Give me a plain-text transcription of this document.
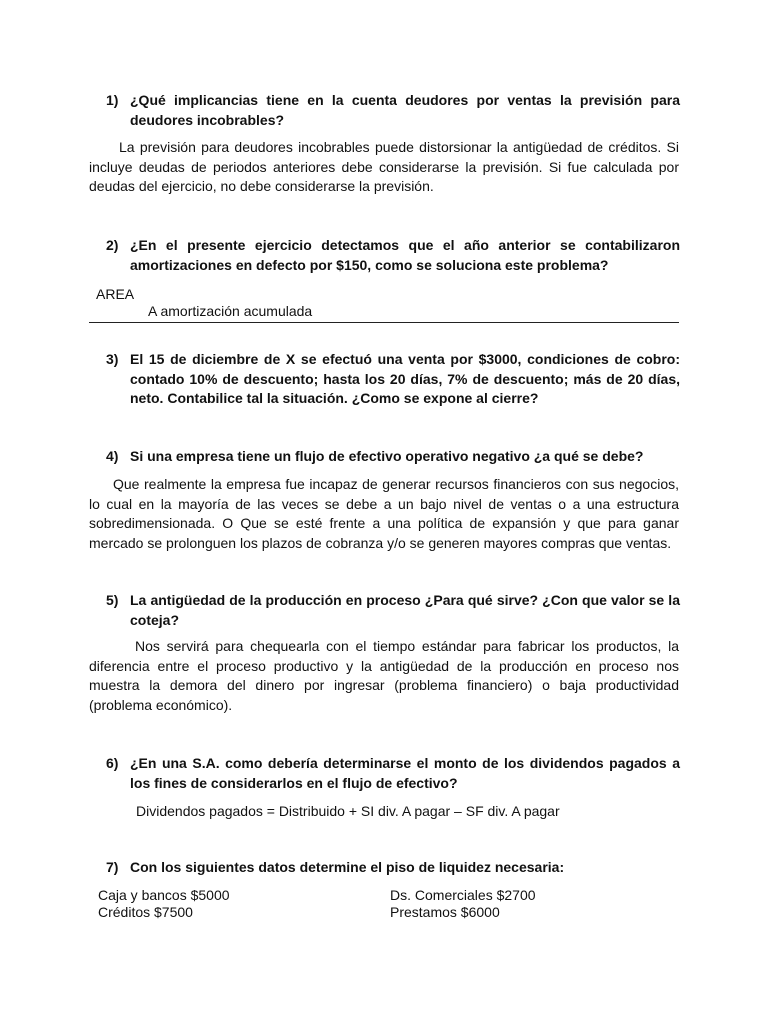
1) ¿Qué implicancias tiene en la cuenta deudores por ventas la previsión para deudores incobrables?
La previsión para deudores incobrables puede distorsionar la antigüedad de créditos. Si incluye deudas de periodos anteriores debe considerarse la previsión. Si fue calculada por deudas del ejercicio, no debe considerarse la previsión.
2) ¿En el presente ejercicio detectamos que el año anterior se contabilizaron amortizaciones en defecto por $150, como se soluciona este problema?
AREA
A amortización acumulada
3) El 15 de diciembre de X se efectuó una venta por $3000, condiciones de cobro: contado 10% de descuento; hasta los 20 días, 7% de descuento; más de 20 días, neto. Contabilice tal la situación. ¿Como se expone al cierre?
4) Si una empresa tiene un flujo de efectivo operativo negativo ¿a qué se debe?
Que realmente la empresa fue incapaz de generar recursos financieros con sus negocios, lo cual en la mayoría de las veces se debe a un bajo nivel de ventas o a una estructura sobredimensionada. O Que se esté frente a una política de expansión y que para ganar mercado se prolonguen los plazos de cobranza y/o se generen mayores compras que ventas.
5) La antigüedad de la producción en proceso ¿Para qué sirve? ¿Con que valor se la coteja?
Nos servirá para chequearla con el tiempo estándar para fabricar los productos, la diferencia entre el proceso productivo y la antigüedad de la producción en proceso nos muestra la demora del dinero por ingresar (problema financiero) o baja productividad (problema económico).
6) ¿En una S.A. como debería determinarse el monto de los dividendos pagados a los fines de considerarlos en el flujo de efectivo?
Dividendos pagados = Distribuido + SI div. A pagar – SF div. A pagar
7) Con los siguientes datos determine el piso de liquidez necesaria:
Caja y bancos $5000
Créditos $7500
Ds. Comerciales $2700
Prestamos $6000
